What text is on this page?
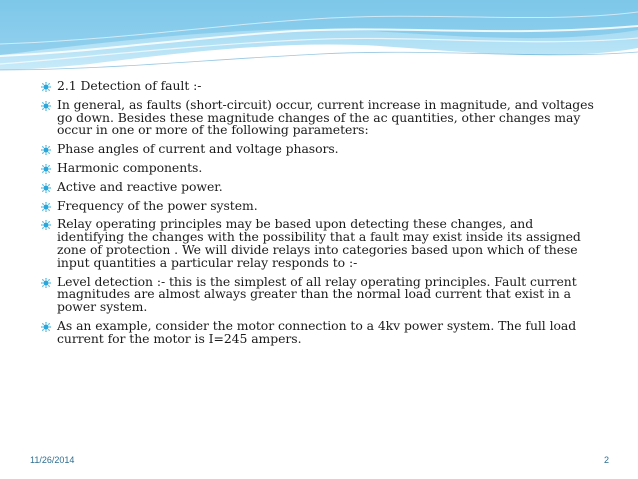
2.1 Detection of fault :-
In general, as faults (short-circuit) occur, current increase in magnitude, and voltages go down. Besides these magnitude changes of the ac quantities, other changes may occur in one or more of the following parameters:
Phase angles of current and voltage phasors.
Harmonic components.
Active and reactive power.
Frequency of the power system.
Relay operating principles may be based upon detecting these changes, and identifying the changes with the possibility that a fault may exist inside its assigned zone of protection . We will divide relays into categories based upon which of these input quantities a particular relay responds to :-
Level detection :- this is the simplest of all relay operating principles. Fault current magnitudes are almost always greater than the normal load current that exist in a power system.
As an example, consider the motor connection to a 4kv power system. The full load current for the motor is I=245 ampers.
11/26/2014	2
